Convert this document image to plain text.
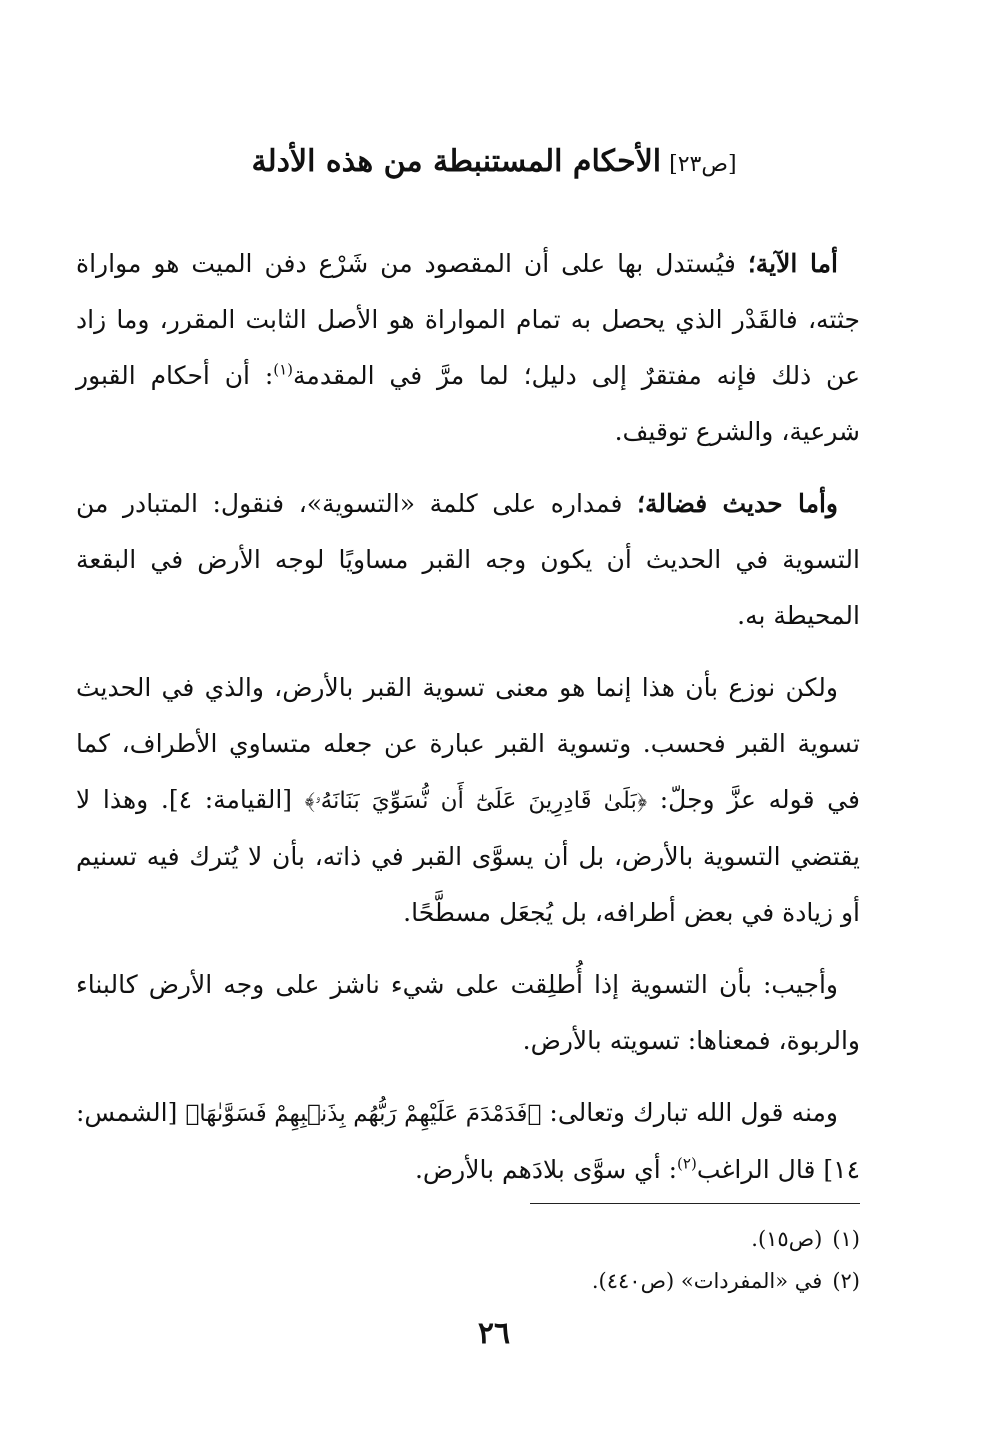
[ص٢٣]الأحكام المستنبطة من هذه الأدلة

أما الآية؛ فيُستدل بها على أن المقصود من شَرْع دفن الميت هو مواراة جثته، فالقَدْر الذي يحصل به تمام المواراة هو الأصل الثابت المقرر، وما زاد عن ذلك فإنه مفتقرٌ إلى دليل؛ لما مرَّ في المقدمة$^{(١)}$: أن أحكام القبور شرعية، والشرع توقيف.

وأما حديث فضالة؛ فمداره على كلمة «التسوية»، فنقول: المتبادر من التسوية في الحديث أن يكون وجه القبر مساويًا لوجه الأرض في البقعة المحيطة به.

ولكن نوزع بأن هذا إنما هو معنى تسوية القبر بالأرض، والذي في الحديث تسوية القبر فحسب. وتسوية القبر عبارة عن جعله متساوي الأطراف، كما في قوله عزَّ وجلّ: ﴿بَلَىٰ قَادِرِينَ عَلَىٰٓ أَن نُّسَوِّيَ بَنَانَهُۥ﴾ [القيامة: ٤]. وهذا لا يقتضي التسوية بالأرض، بل أن يسوَّى القبر في ذاته، بأن لا يُترك فيه تسنيم أو زيادة في بعض أطرافه، بل يُجعَل مسطَّحًا.

وأجيب: بأن التسوية إذا أُطلِقت على شيء ناشز على وجه الأرض كالبناء والربوة، فمعناها: تسويته بالأرض.

ومنه قول الله تبارك وتعالى: ﴿فَدَمْدَمَ عَلَيْهِمْ رَبُّهُم بِذَنۢبِهِمْ فَسَوَّىٰهَا﴾ [الشمس: ١٤] قال الراغب$^{(٢)}$: أي سوَّى بلادَهم بالأرض.

(١)(ص١٥).
(٢)في «المفردات» (ص٤٤٠).
٢٦
